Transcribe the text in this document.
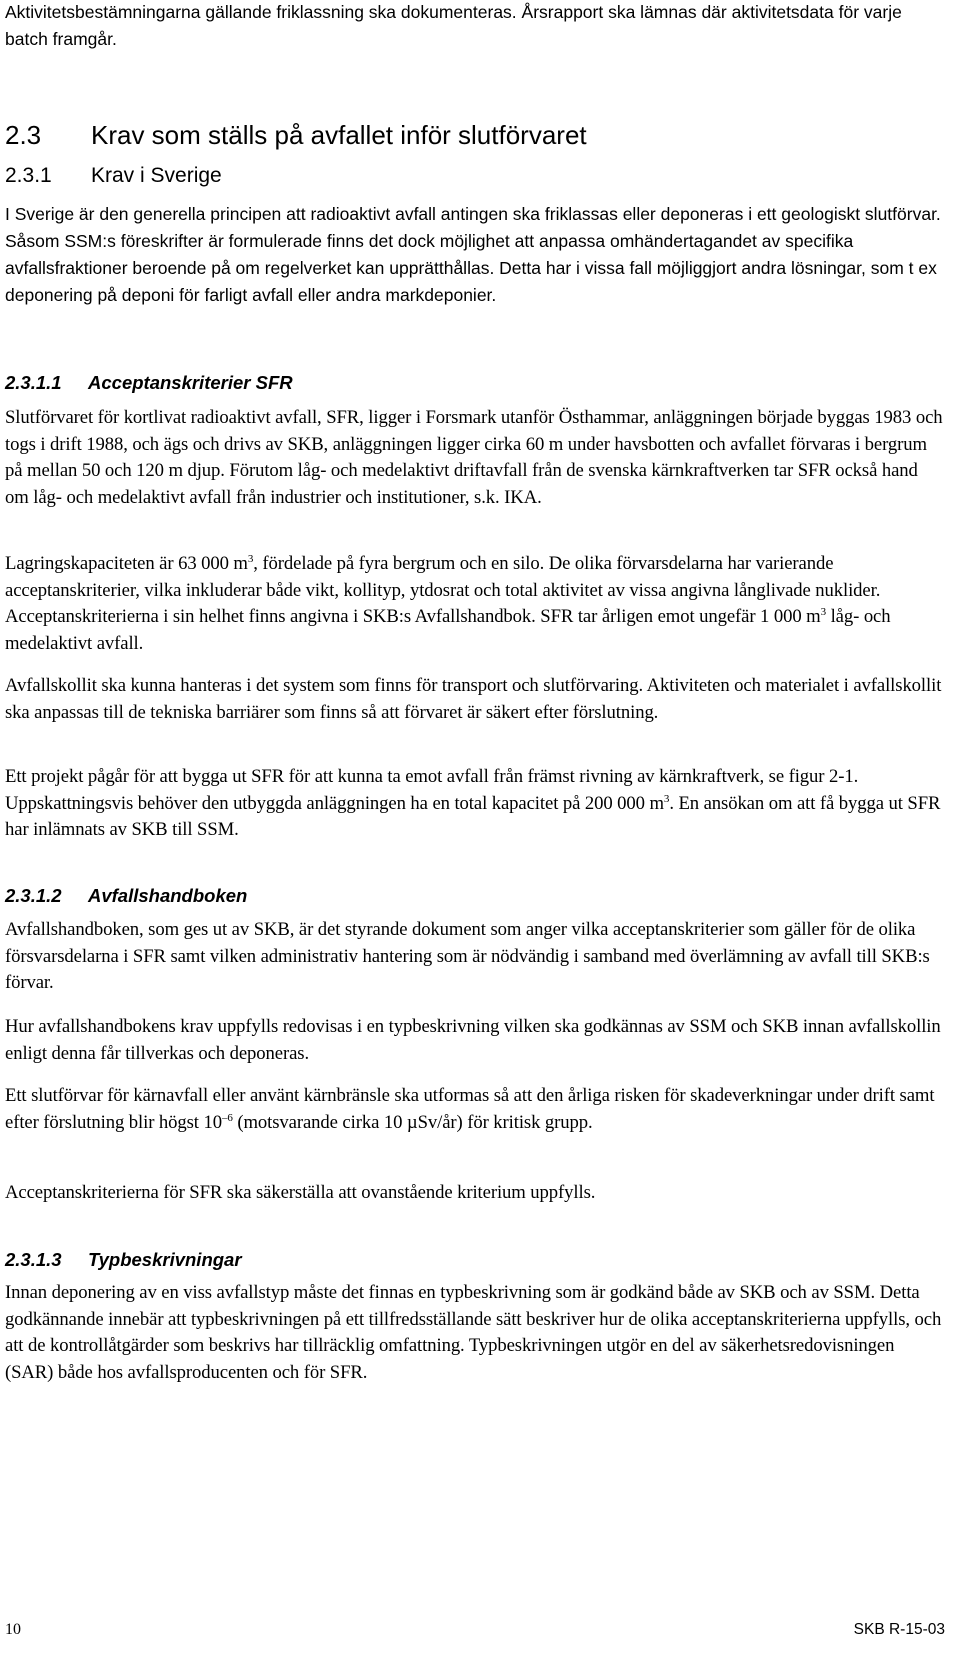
Aktivitetsbestämningarna gällande friklassning ska dokumenteras. Årsrapport ska lämnas där aktivitetsdata för varje batch framgår.

2.3 Krav som ställs på avfallet inför slutförvaret
2.3.1 Krav i Sverige

I Sverige är den generella principen att radioaktivt avfall antingen ska friklassas eller deponeras i ett geologiskt slutförvar. Såsom SSM:s föreskrifter är formulerade finns det dock möjlighet att anpassa omhändertagandet av specifika avfallsfraktioner beroende på om regelverket kan upprätthållas. Detta har i vissa fall möjliggjort andra lösningar, som t ex deponering på deponi för farligt avfall eller andra markdeponier.

2.3.1.1 Acceptanskriterier SFR

Slutförvaret för kortlivat radioaktivt avfall, SFR, ligger i Forsmark utanför Östhammar, anläggningen började byggas 1983 och togs i drift 1988, och ägs och drivs av SKB, anläggningen ligger cirka 60 m under havsbotten och avfallet förvaras i bergrum på mellan 50 och 120 m djup. Förutom låg- och medelaktivt driftavfall från de svenska kärnkraftverken tar SFR också hand om låg- och medelaktivt avfall från industrier och institutioner, s.k. IKA.

Lagringskapaciteten är 63 000 $m^3$, fördelade på fyra bergrum och en silo. De olika förvarsdelarna har varierande acceptanskriterier, vilka inkluderar både vikt, kollityp, ytdosrat och total aktivitet av vissa angivna långlivade nuklider. Acceptanskriterierna i sin helhet finns angivna i SKB:s Avfallshandbok. SFR tar årligen emot ungefär 1 000 $m^3$ låg- och medelaktivt avfall.

Avfallskollit ska kunna hanteras i det system som finns för transport och slutförvaring. Aktiviteten och materialet i avfallskollit ska anpassas till de tekniska barriärer som finns så att förvaret är säkert efter förslutning.

Ett projekt pågår för att bygga ut SFR för att kunna ta emot avfall från främst rivning av kärnkraftverk, se figur 2-1. Uppskattningsvis behöver den utbyggda anläggningen ha en total kapacitet på 200 000 $m^3$. En ansökan om att få bygga ut SFR har inlämnats av SKB till SSM.

2.3.1.2 Avfallshandboken

Avfallshandboken, som ges ut av SKB, är det styrande dokument som anger vilka acceptanskriterier som gäller för de olika försvarsdelarna i SFR samt vilken administrativ hantering som är nödvändig i samband med överlämning av avfall till SKB:s förvar.

Hur avfallshandbokens krav uppfylls redovisas i en typbeskrivning vilken ska godkännas av SSM och SKB innan avfallskollin enligt denna får tillverkas och deponeras.

Ett slutförvar för kärnavfall eller använt kärnbränsle ska utformas så att den årliga risken för skadeverkningar under drift samt efter förslutning blir högst $10^{-6}$ (motsvarande cirka 10 µSv/år) för kritisk grupp.

Acceptanskriterierna för SFR ska säkerställa att ovanstående kriterium uppfylls.

2.3.1.3 Typbeskrivningar

Innan deponering av en viss avfallstyp måste det finnas en typbeskrivning som är godkänd både av SKB och av SSM. Detta godkännande innebär att typbeskrivningen på ett tillfredsställande sätt beskriver hur de olika acceptanskriterierna uppfylls, och att de kontrollåtgärder som beskrivs har tillräcklig omfattning. Typbeskrivningen utgör en del av säkerhetsredovisningen (SAR) både hos avfallsproducenten och för SFR.

10	SKB R-15-03
